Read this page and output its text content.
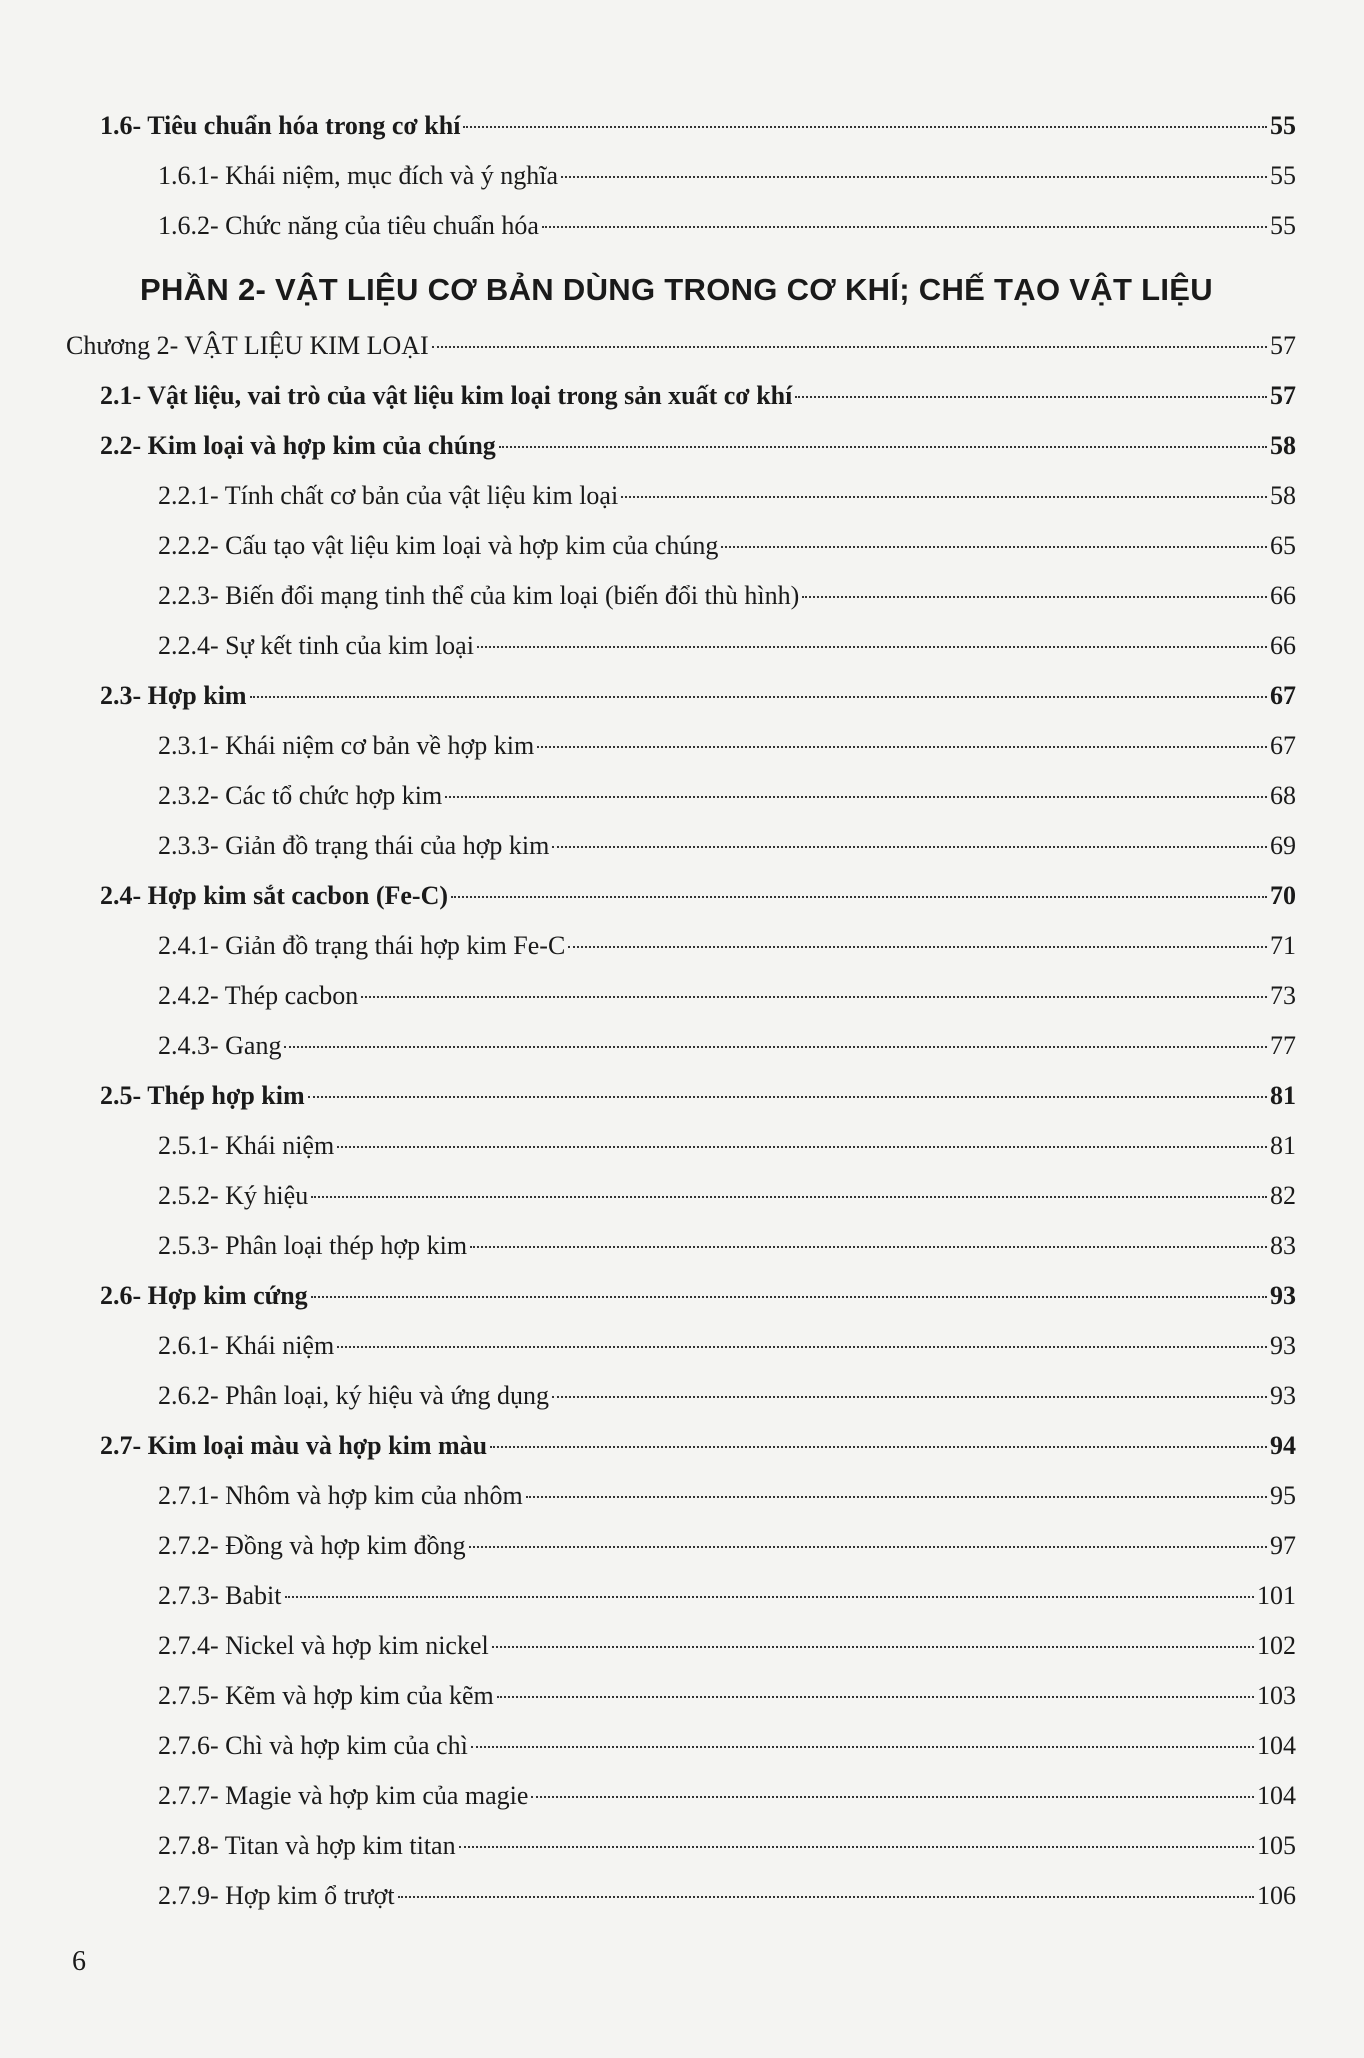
PHẦN 2- VẬT LIỆU CƠ BẢN DÙNG TRONG CƠ KHÍ; CHẾ TẠO VẬT LIỆU
1.6- Tiêu chuẩn hóa trong cơ khí	55
1.6.1- Khái niệm, mục đích và ý nghĩa	55
1.6.2- Chức năng của tiêu chuẩn hóa	55
Chương 2- VẬT LIỆU KIM LOẠI	57
2.1- Vật liệu, vai trò của vật liệu kim loại trong sản xuất cơ khí	57
2.2- Kim loại và hợp kim của chúng	58
2.2.1- Tính chất cơ bản của vật liệu kim loại	58
2.2.2- Cấu tạo vật liệu kim loại và hợp kim của chúng	65
2.2.3- Biến đổi mạng tinh thể của kim loại (biến đổi thù hình)	66
2.2.4- Sự kết tinh của kim loại	66
2.3- Hợp kim	67
2.3.1- Khái niệm cơ bản về hợp kim	67
2.3.2- Các tổ chức hợp kim	68
2.3.3- Giản đồ trạng thái của hợp kim	69
2.4- Hợp kim sắt cacbon (Fe-C)	70
2.4.1- Giản đồ trạng thái hợp kim Fe-C	71
2.4.2- Thép cacbon	73
2.4.3- Gang	77
2.5- Thép hợp kim	81
2.5.1- Khái niệm	81
2.5.2- Ký hiệu	82
2.5.3- Phân loại thép hợp kim	83
2.6- Hợp kim cứng	93
2.6.1- Khái niệm	93
2.6.2- Phân loại, ký hiệu và ứng dụng	93
2.7- Kim loại màu và hợp kim màu	94
2.7.1- Nhôm và hợp kim của nhôm	95
2.7.2- Đồng và hợp kim đồng	97
2.7.3- Babit	101
2.7.4- Nickel và hợp kim nickel	102
2.7.5- Kẽm và hợp kim của kẽm	103
2.7.6- Chì và hợp kim của chì	104
2.7.7- Magie và hợp kim của magie	104
2.7.8- Titan và hợp kim titan	105
2.7.9- Hợp kim ổ trượt	106
6
